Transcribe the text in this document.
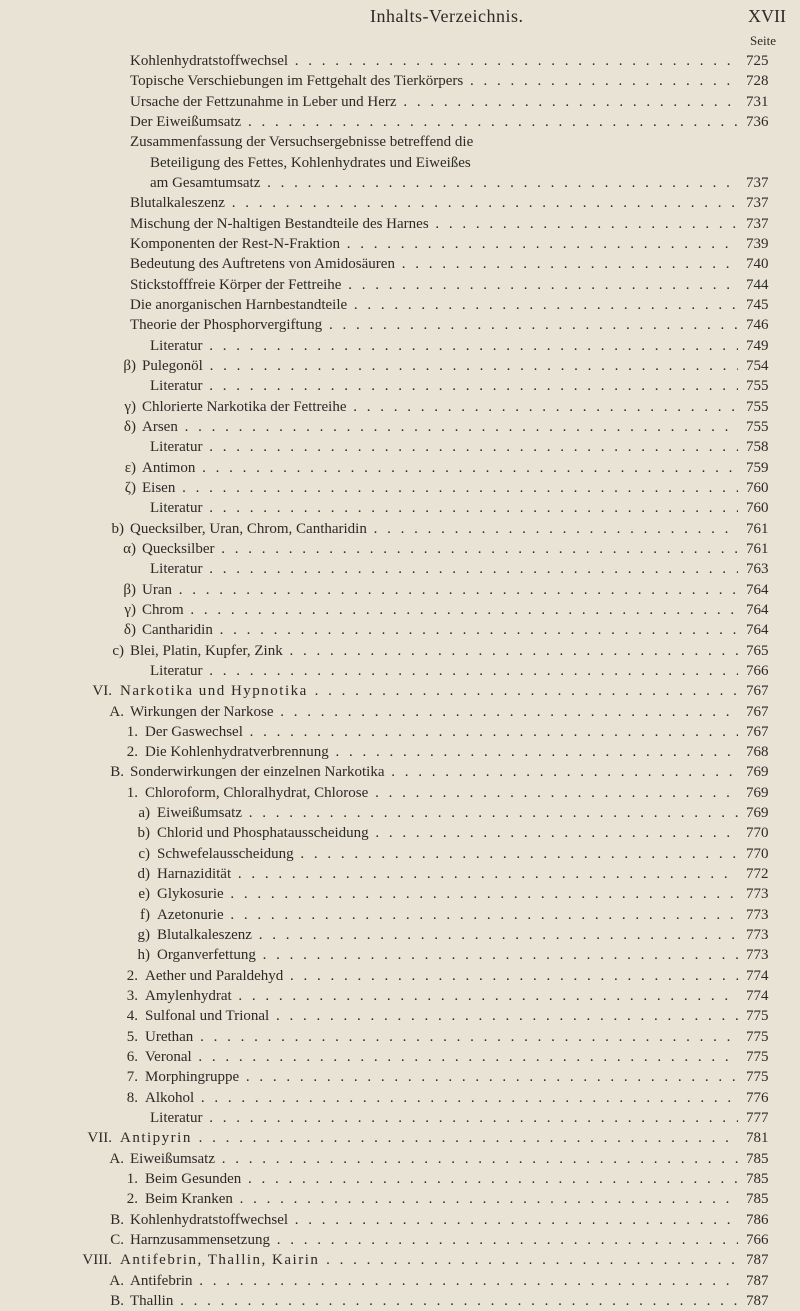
Inhalts-Verzeichnis.	XVII
Seite
Kohlenhydratstoffwechsel . . .	725
Topische Verschiebungen im Fettgehalt des Tierkörpers . . .	728
Ursache der Fettzunahme in Leber und Herz . . .	731
Der Eiweißumsatz . . .	736
Zusammenfassung der Versuchsergebnisse betreffend die
Beteiligung des Fettes, Kohlenhydrates und Eiweißes
am Gesamtumsatz . . .	737
Blutalkaleszenz . . .	737
Mischung der N-haltigen Bestandteile des Harnes . . .	737
Komponenten der Rest-N-Fraktion . . .	739
Bedeutung des Auftretens von Amidosäuren . . .	740
Stickstofffreie Körper der Fettreihe . . .	744
Die anorganischen Harnbestandteile . . .	745
Theorie der Phosphorvergiftung . . .	746
Literatur . . .	749
β) Pulegonöl . . .	754
Literatur . . .	755
γ) Chlorierte Narkotika der Fettreihe . . .	755
δ) Arsen . . .	755
Literatur . . .	758
ε) Antimon . . .	759
ζ) Eisen . . .	760
Literatur . . .	760
b) Quecksilber, Uran, Chrom, Cantharidin . . .	761
α) Quecksilber . . .	761
Literatur . . .	763
β) Uran . . .	764
γ) Chrom . . .	764
δ) Cantharidin . . .	764
c) Blei, Platin, Kupfer, Zink . . .	765
Literatur . . .	766
VI. Narkotika und Hypnotika . . .	767
A. Wirkungen der Narkose . . .	767
1. Der Gaswechsel . . .	767
2. Die Kohlenhydratverbrennung . . .	768
B. Sonderwirkungen der einzelnen Narkotika . . .	769
1. Chloroform, Chloralhydrat, Chlorose . . .	769
a) Eiweißumsatz . . .	769
b) Chlorid und Phosphatausscheidung . . .	770
c) Schwefelausscheidung . . .	770
d) Harnazidität . . .	772
e) Glykosurie . . .	773
f) Azetonurie . . .	773
g) Blutalkaleszenz . . .	773
h) Organverfettung . . .	773
2. Aether und Paraldehyd . . .	774
3. Amylenhydrat . . .	774
4. Sulfonal und Trional . . .	775
5. Urethan . . .	775
6. Veronal . . .	775
7. Morphingruppe . . .	775
8. Alkohol . . .	776
Literatur . . .	777
VII. Antipyrin . . .	781
A. Eiweißumsatz . . .	785
1. Beim Gesunden . . .	785
2. Beim Kranken . . .	785
B. Kohlenhydratstoffwechsel . . .	786
C. Harnzusammensetzung . . .	766
VIII. Antifebrin, Thallin, Kairin . . .	787
A. Antifebrin . . .	787
B. Thallin . . .	787
